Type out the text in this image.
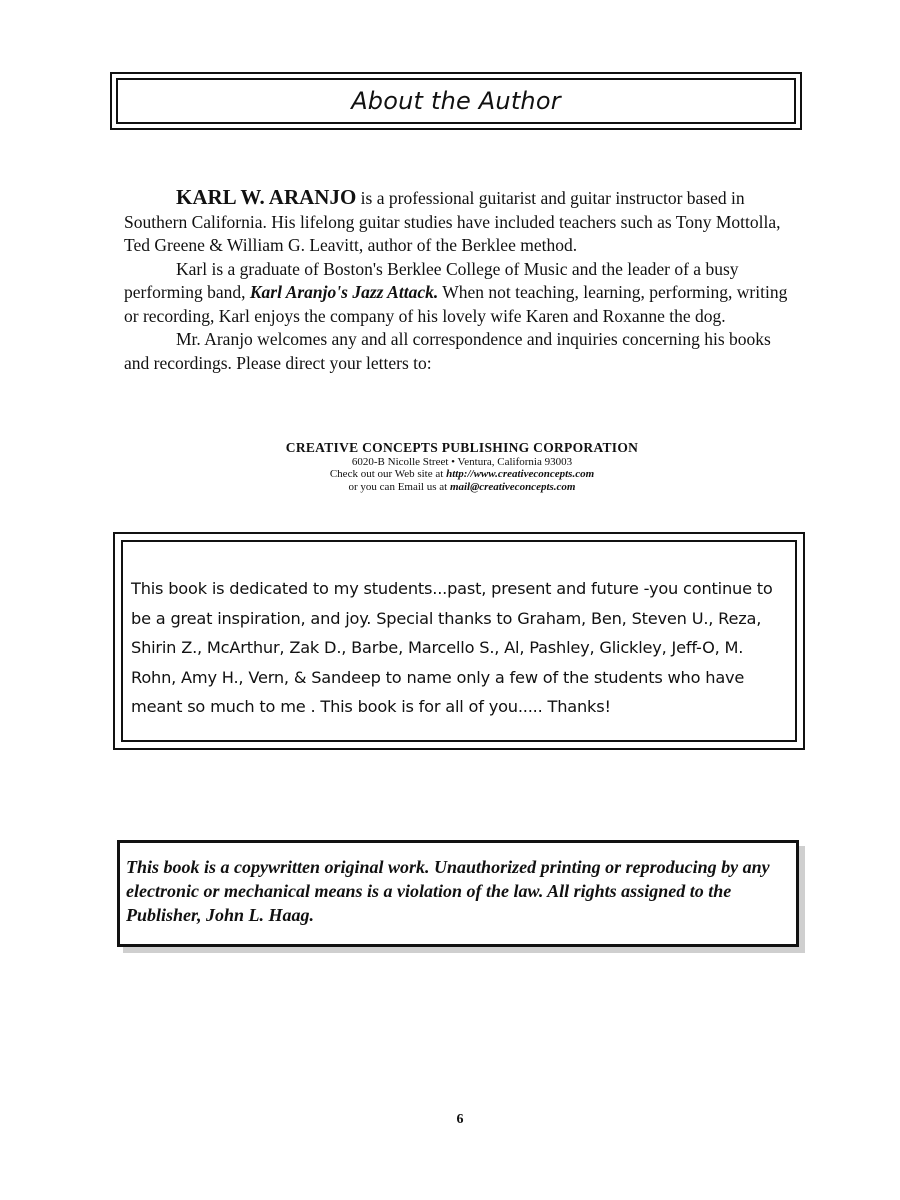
About the Author

KARL W. ARANJO is a professional guitarist and guitar instructor based in Southern California. His lifelong guitar studies have included teachers such as Tony Mottolla, Ted Greene & William G. Leavitt, author of the Berklee method.

Karl is a graduate of Boston's Berklee College of Music and the leader of a busy performing band, Karl Aranjo's Jazz Attack. When not teaching, learning, performing, writing or recording, Karl enjoys the company of his lovely wife Karen and Roxanne the dog.

Mr. Aranjo welcomes any and all correspondence and inquiries concerning his books and recordings. Please direct your letters to:

CREATIVE CONCEPTS PUBLISHING CORPORATION
6020-B Nicolle Street • Ventura, California 93003
Check out our Web site at http://www.creativeconcepts.com
or you can Email us at mail@creativeconcepts.com

This book is dedicated to my students...past, present and future -you continue to be a great inspiration, and joy. Special thanks to Graham, Ben, Steven U., Reza, Shirin Z., McArthur, Zak D., Barbe, Marcello S., Al, Pashley, Glickley, Jeff-O, M. Rohn, Amy H., Vern, & Sandeep to name only a few of the students who have meant so much to me . This book is for all of you..... Thanks!

This book is a copywritten original work. Unauthorized printing or reproducing by any electronic or mechanical means is a violation of the law. All rights assigned to the Publisher, John L. Haag.

6
